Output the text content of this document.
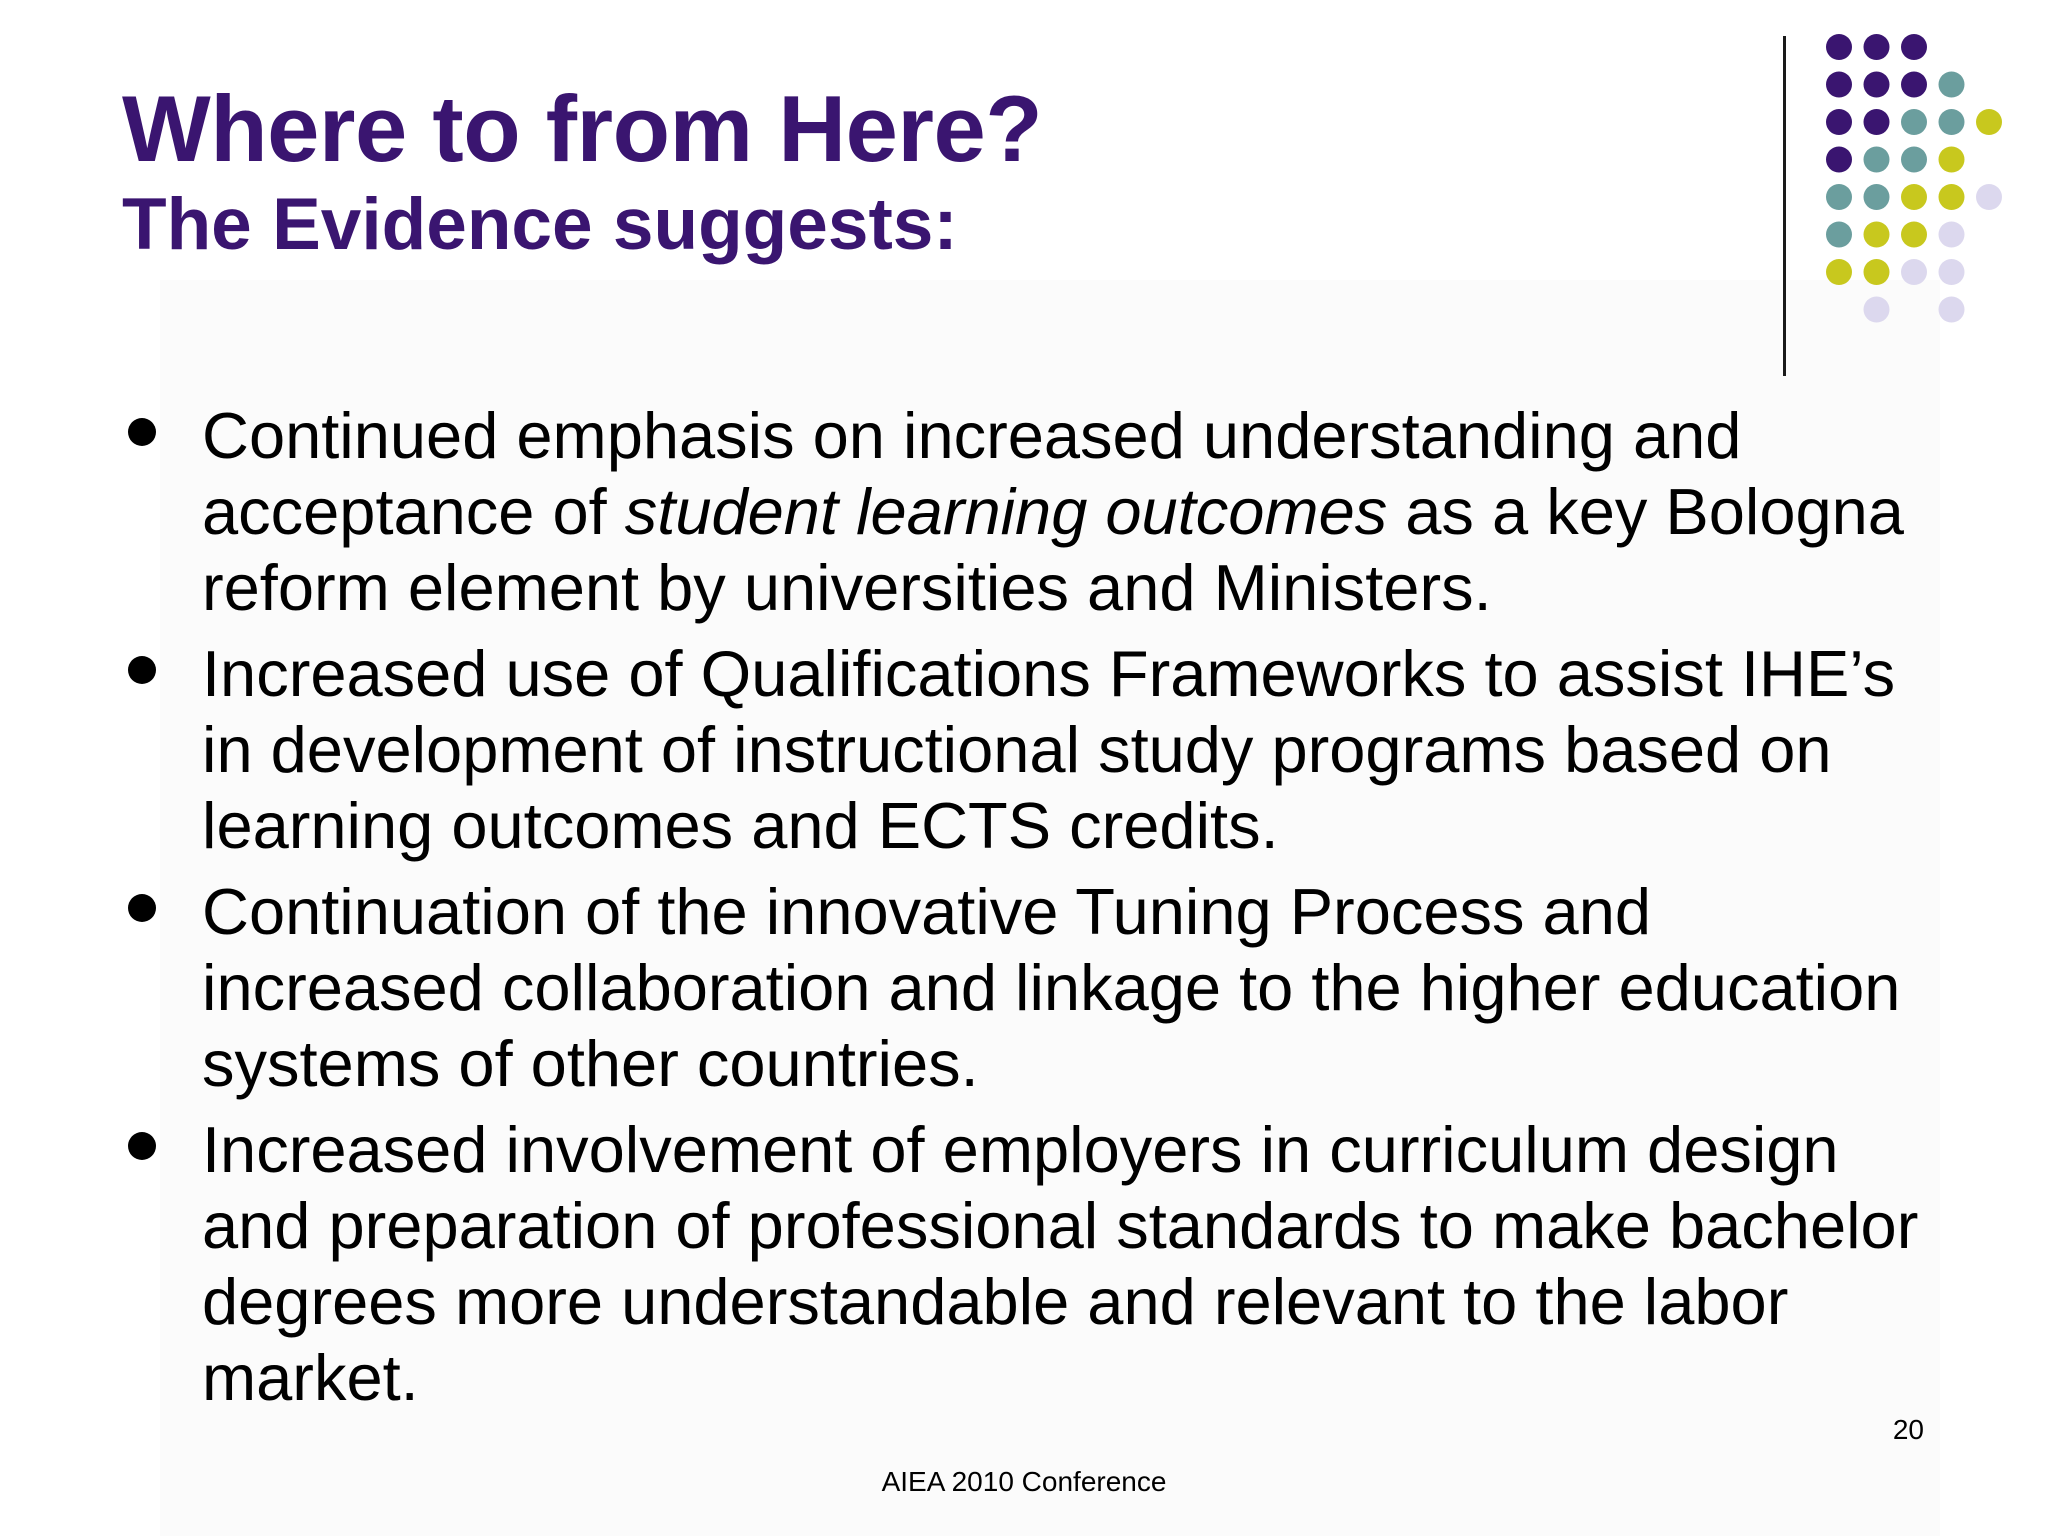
Where to from Here?
The Evidence suggests:
Continued emphasis on increased understanding and acceptance of student learning outcomes as a key Bologna reform element by universities and Ministers.
Increased use of Qualifications Frameworks to assist IHE’s in development of instructional study programs based on learning outcomes and ECTS credits.
Continuation of the innovative Tuning Process and increased collaboration and linkage to the higher education systems of other countries.
Increased involvement of employers in curriculum design and preparation of professional standards to make bachelor degrees more understandable and relevant to the labor market.
20
AIEA 2010 Conference
